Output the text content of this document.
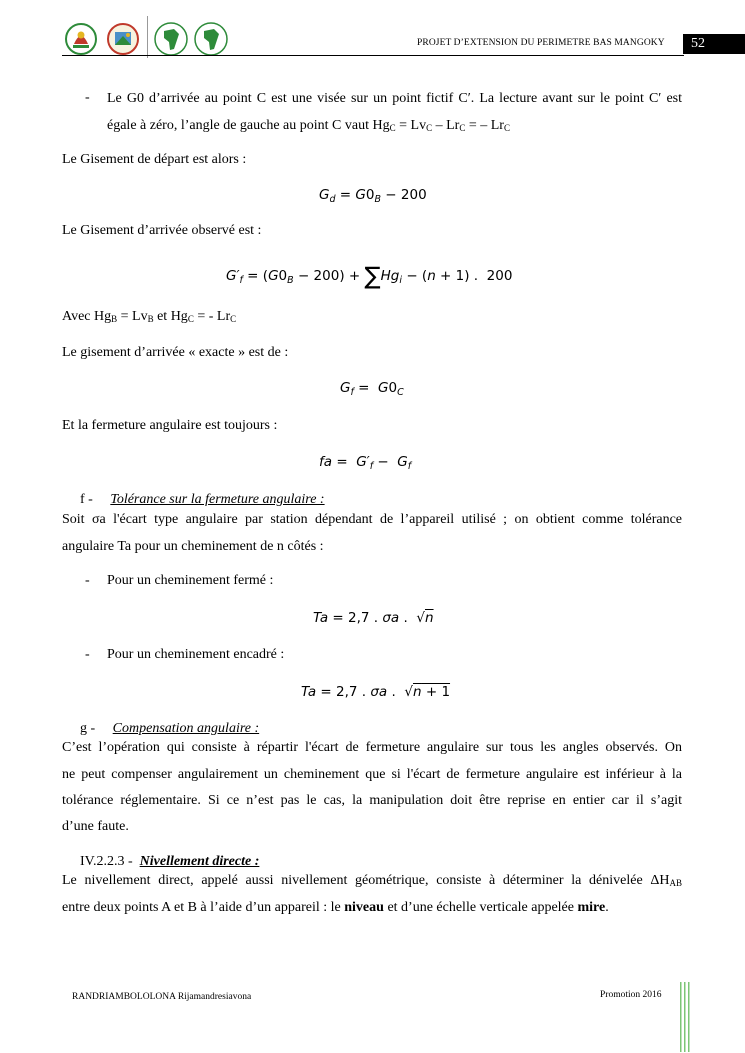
PROJET D’EXTENSION DU PERIMETRE BAS MANGOKY	52
- Le G0 d’arrivée au point C est une visée sur un point fictif C′. La lecture avant sur le point C′ est
égale à zéro, l’angle de gauche au point C vaut $Hg_C = Lv_C - Lr_C$ = – $Lr_C$
Le Gisement de départ est alors :
$G_d = G0_B - 200$
Le Gisement d’arrivée observé est :
$G'_f = (G0_B - 200) + \sum Hg_i - (n + 1)$ .  200
Avec $Hg_B = Lv_B$ et $Hg_C$ = - $Lr_C$
Le gisement d’arrivée « exacte » est de :
$G_f = G0_C$
Et la fermeture angulaire est toujours :
fa =  $G'_f - G_f$
f - Tolérance sur la fermeture angulaire :
Soit σa l'écart type angulaire par station dépendant de l’appareil utilisé ; on obtient comme tolérance
angulaire Ta pour un cheminement de n côtés :
- Pour un cheminement fermé :
Ta = 2,7 . σa .  √n
- Pour un cheminement encadré :
Ta = 2,7 . σa .  √n + 1
g - Compensation angulaire :
C’est l’opération qui consiste à répartir l'écart de fermeture angulaire sur tous les angles observés. On
ne peut compenser angulairement un cheminement que si l'écart de fermeture angulaire est inférieur à la
tolérance réglementaire. Si ce n’est pas le cas, la manipulation doit être reprise en entier car il s’agit
d’une faute.
IV.2.2.3 - Nivellement directe :
Le nivellement direct, appelé aussi nivellement géométrique, consiste à déterminer la dénivelée $\Delta H_{AB}$
entre deux points A et B à l’aide d’un appareil : le niveau et d’une échelle verticale appelée mire.
RANDRIAMBOLOLONA Rijamandresiavona	Promotion 2016
